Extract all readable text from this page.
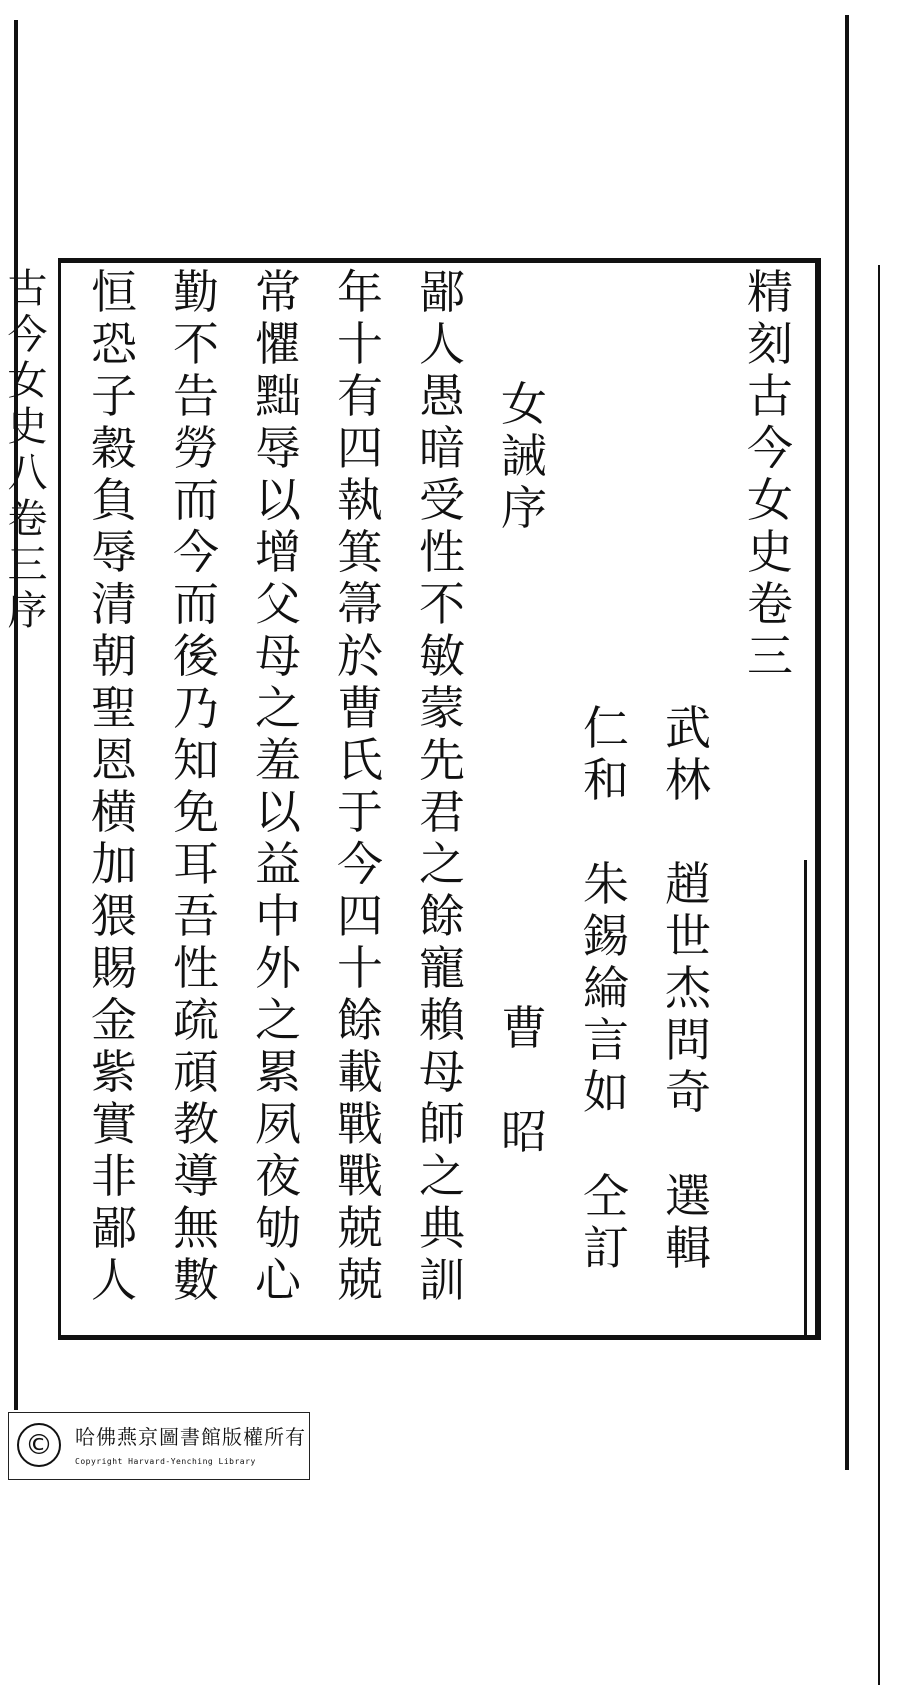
精
刻
古
今
女
史
卷
三
武
林

趙
世
杰
問
奇

選
輯
仁
和

朱
錫
綸
言
如

仝
訂
女
誡
序

曹

昭
鄙
人
愚
暗
受
性
不
敏
蒙
先
君
之
餘
寵
賴
母
師
之
典
訓
年
十
有
四
執
箕
箒
於
曹
氏
于
今
四
十
餘
載
戰
戰
兢
兢
常
懼
黜
辱
以
增
父
母
之
羞
以
益
中
外
之
累
夙
夜
劬
心
勤
不
告
勞
而
今
而
後
乃
知
免
耳
吾
性
疏
頑
教
導
無
數
恒
恐
子
穀
負
辱
清
朝
聖
恩
横
加
猥
賜
金
紫
實
非
鄙
人
古
今
女
史
八
卷
三
序
©	哈佛燕京圖書館版權所有
Copyright Harvard-Yenching Library
